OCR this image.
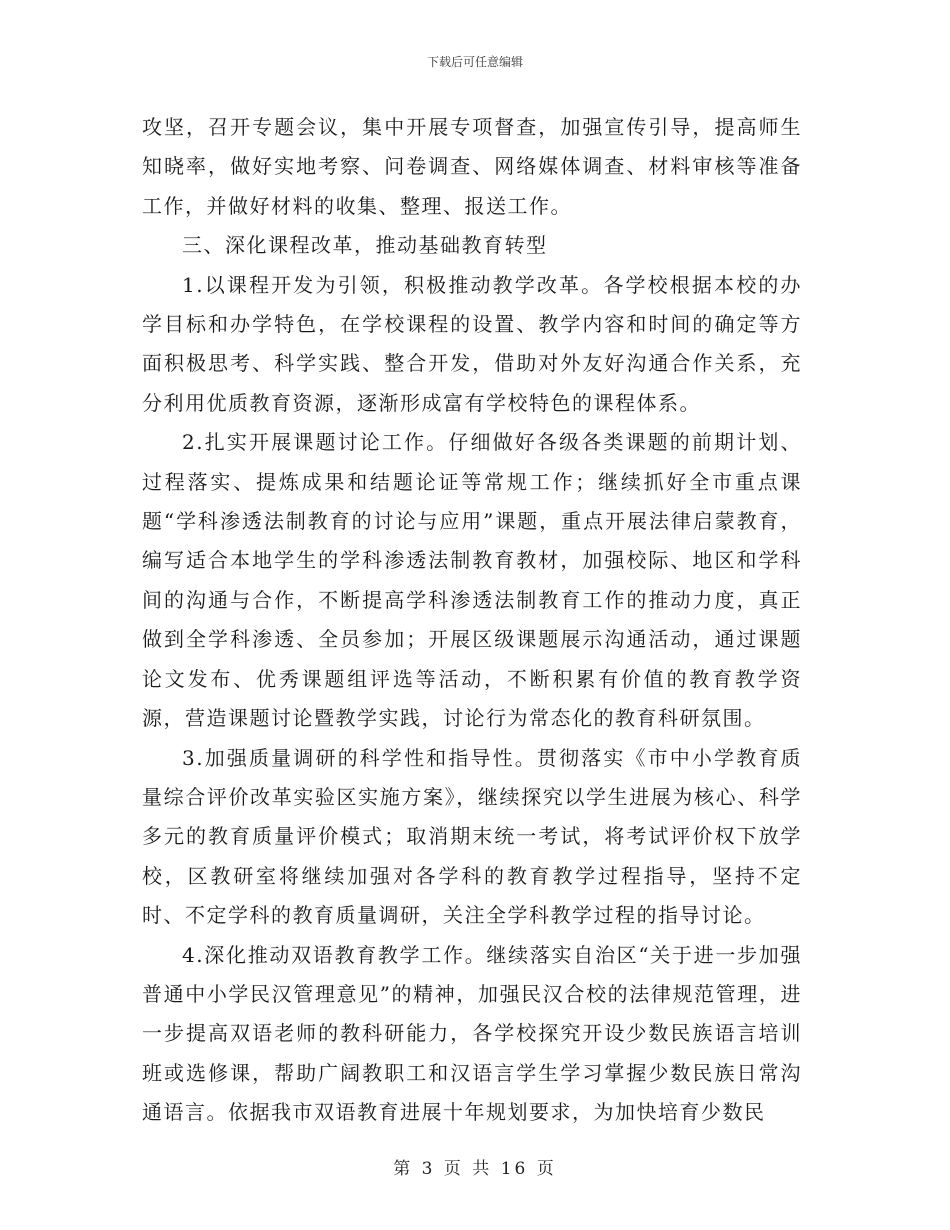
下载后可任意编辑

攻坚，召开专题会议，集中开展专项督查，加强宣传引导，提高师生知晓率，做好实地考察、问卷调查、网络媒体调查、材料审核等准备工作，并做好材料的收集、整理、报送工作。

三、深化课程改革，推动基础教育转型

1.以课程开发为引领，积极推动教学改革。各学校根据本校的办学目标和办学特色，在学校课程的设置、教学内容和时间的确定等方面积极思考、科学实践、整合开发，借助对外友好沟通合作关系，充分利用优质教育资源，逐渐形成富有学校特色的课程体系。

2.扎实开展课题讨论工作。仔细做好各级各类课题的前期计划、过程落实、提炼成果和结题论证等常规工作；继续抓好全市重点课题“学科渗透法制教育的讨论与应用”课题，重点开展法律启蒙教育，编写适合本地学生的学科渗透法制教育教材，加强校际、地区和学科间的沟通与合作，不断提高学科渗透法制教育工作的推动力度，真正做到全学科渗透、全员参加；开展区级课题展示沟通活动，通过课题论文发布、优秀课题组评选等活动，不断积累有价值的教育教学资源，营造课题讨论暨教学实践，讨论行为常态化的教育科研氛围。

3.加强质量调研的科学性和指导性。贯彻落实《市中小学教育质量综合评价改革实验区实施方案》，继续探究以学生进展为核心、科学多元的教育质量评价模式；取消期末统一考试，将考试评价权下放学校，区教研室将继续加强对各学科的教育教学过程指导，坚持不定时、不定学科的教育质量调研，关注全学科教学过程的指导讨论。

4.深化推动双语教育教学工作。继续落实自治区“关于进一步加强普通中小学民汉管理意见”的精神，加强民汉合校的法律规范管理，进一步提高双语老师的教科研能力，各学校探究开设少数民族语言培训班或选修课，帮助广阔教职工和汉语言学生学习掌握少数民族日常沟通语言。依据我市双语教育进展十年规划要求，为加快培育少数民

第 3 页 共 16 页
